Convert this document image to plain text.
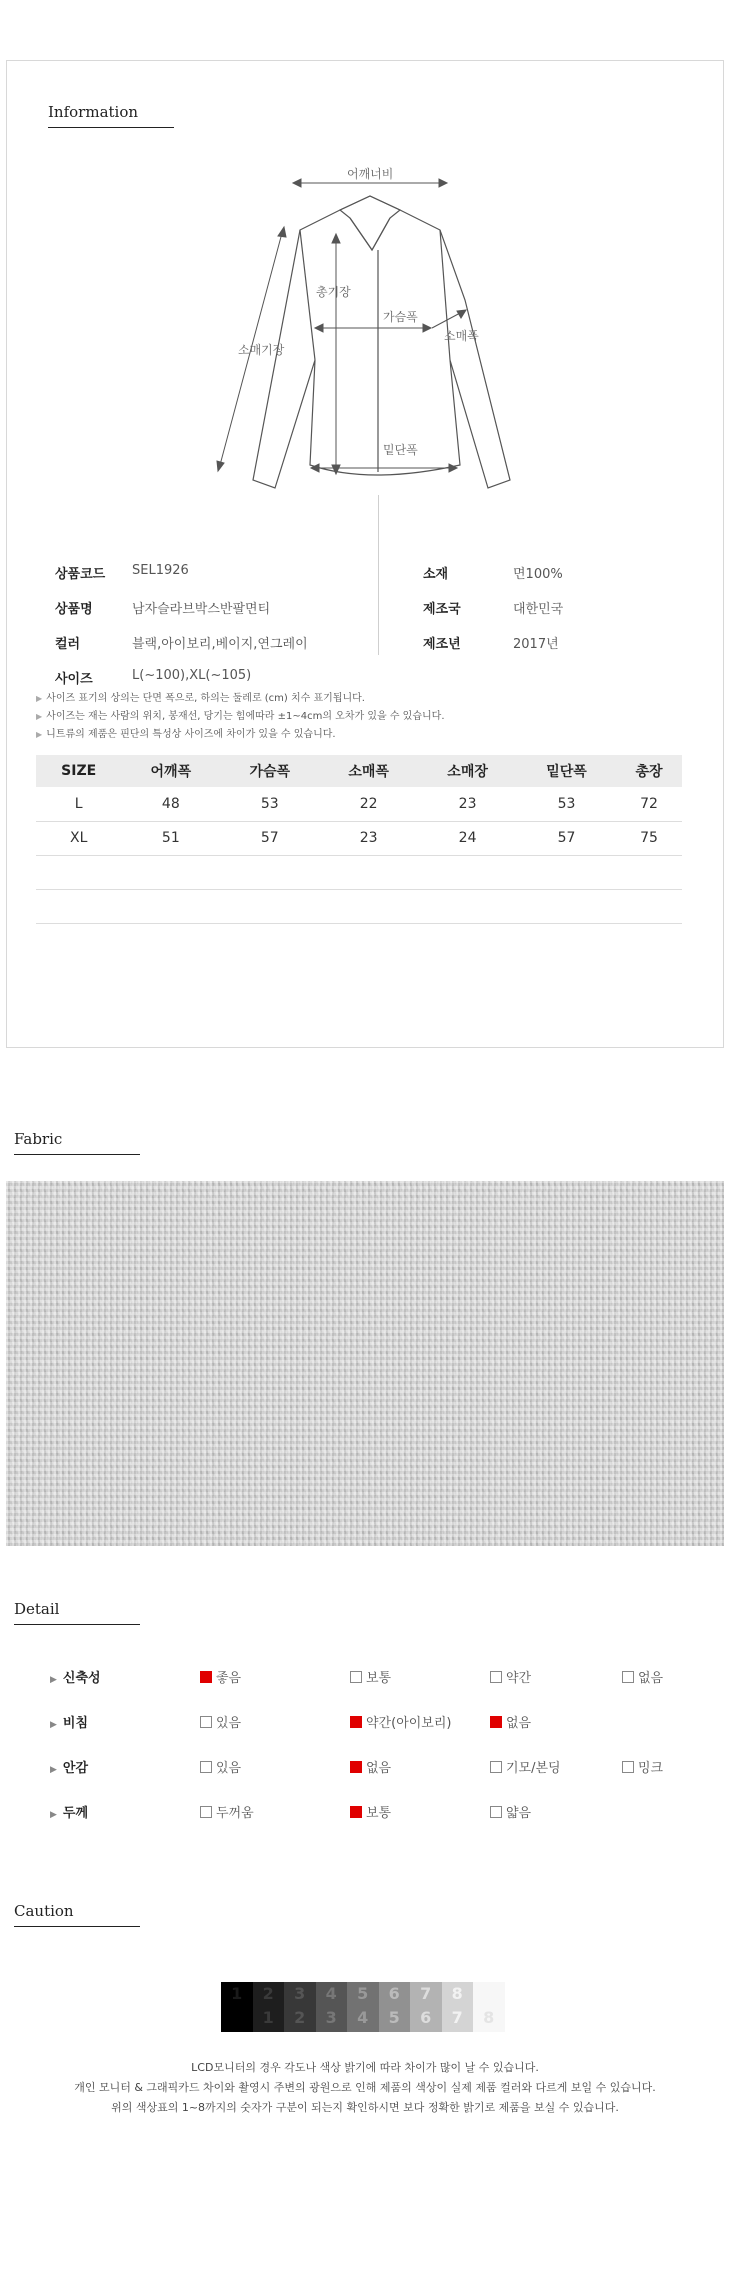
Information
어깨너비
총기장
가슴폭
소매폭
소매기장
밑단폭
상품코드 SEL1926
상품명	남자슬라브박스반팔면티
컬러	블랙,아이보리,베이지,연그레이
사이즈	L(~100),XL(~105)
소재	면100%
제조국	대한민국
제조년	2017년
▶ 사이즈 표기의 상의는 단면 폭으로, 하의는 둘레로 (cm) 치수 표기됩니다.
▶ 사이즈는 재는 사람의 위치, 봉재선, 당기는 힘에따라 ±1~4cm의 오차가 있을 수 있습니다.
▶ 니트류의 제품은 핀단의 특성상 사이즈에 차이가 있을 수 있습니다.
SIZE	어깨폭	가슴폭	소매폭	소매장	밑단폭	총장
L	48	53	22	23	53	72
XL	51	57	23	24	57	75

Fabric
Detail
▶ 신축성	좋음	보통	약간	없음
▶ 비침	있음	약간(아이보리)	없음
▶ 안감	있음	없음	기모/본딩	밍크
▶ 두께	두꺼움	보통	얇음
Caution
1	2
1
3
2
4
3
5
4
6
5
7
6
8
7	8
LCD모니터의 경우 각도나 색상 밝기에 따라 차이가 많이 날 수 있습니다.
개인 모니터 & 그래픽카드 차이와 촬영시 주변의 광원으로 인해 제품의 색상이 실제 제품 컬러와 다르게 보일 수 있습니다.
위의 색상표의 1~8까지의 숫자가 구분이 되는지 확인하시면 보다 정확한 밝기로 제품을 보실 수 있습니다.
